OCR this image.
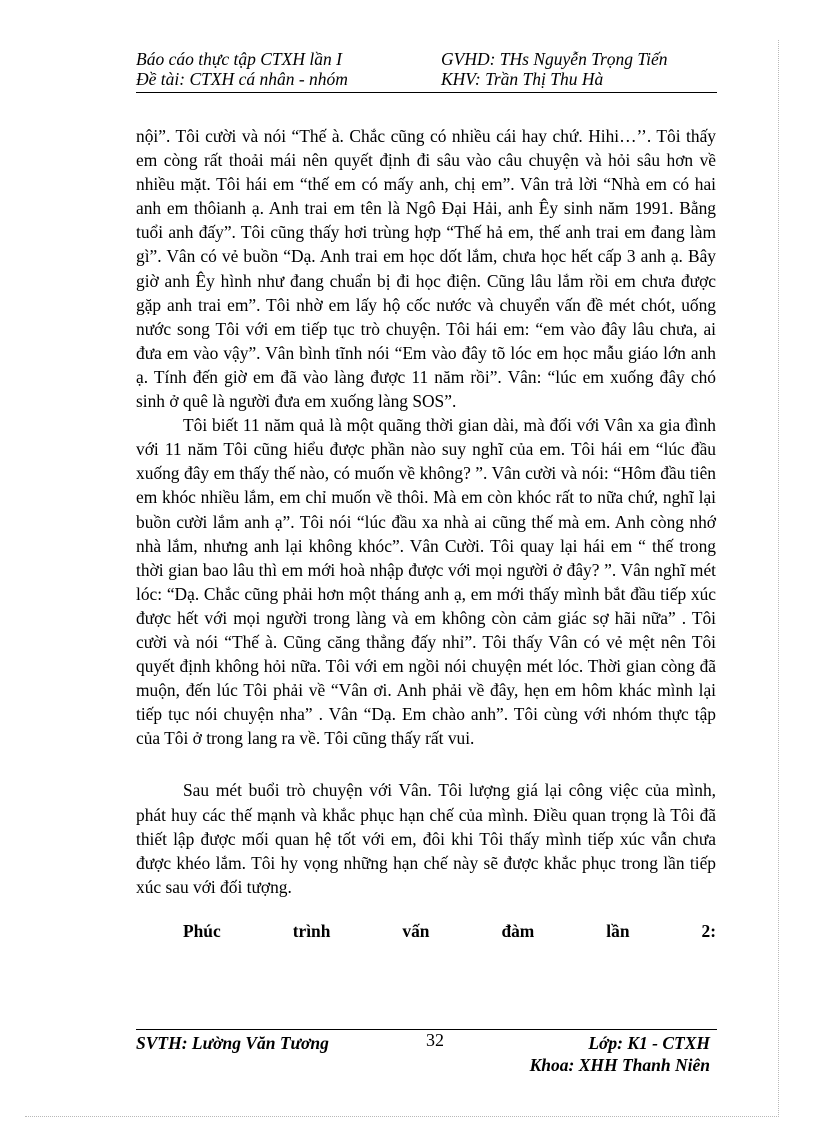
Báo cáo thực tập CTXH lần I	GVHD: THs Nguyễn Trọng Tiến
Đề tài: CTXH cá nhân - nhóm	KHV: Trần Thị Thu Hà

nội”. Tôi cười và nói “Thế à. Chắc cũng có nhiều cái hay chứ. Hihi…’’. Tôi thấy em còng rất thoải mái nên quyết định đi sâu vào câu chuyện và hỏi sâu hơn về nhiều mặt. Tôi hái em “thế em có mấy anh, chị em”. Vân trả lời “Nhà em có hai anh em thôianh ạ. Anh trai em tên là Ngô Đại Hải, anh Êy sinh năm 1991. Bằng tuổi anh đấy”. Tôi cũng thấy hơi trùng hợp “Thế hả em, thế anh trai em đang làm gì”. Vân có vẻ buồn “Dạ. Anh trai em học dốt lắm, chưa học hết cấp 3 anh ạ. Bây giờ anh Êy hình như đang chuẩn bị đi học điện. Cũng lâu lắm rồi em chưa được gặp anh trai em”. Tôi nhờ em lấy hộ cốc nước và chuyển vấn đề mét chót, uống nước song Tôi với em tiếp tục trò chuyện. Tôi hái em: “em vào đây lâu chưa, ai đưa em vào vậy”. Vân bình tĩnh nói “Em vào đây tõ lóc em học mẫu giáo lớn anh ạ. Tính đến giờ em đã vào làng được 11 năm rồi”. Vân: “lúc em xuống đây chó sinh ở quê là người đưa em xuống làng SOS”.

Tôi biết 11 năm quả là một quãng thời gian dài, mà đối với Vân xa gia đình với 11 năm Tôi cũng hiểu được phần nào suy nghĩ của em. Tôi hái em “lúc đầu xuống đây em thấy thế nào, có muốn về không? ”. Vân cười và nói: “Hôm đầu tiên em khóc nhiều lắm, em chỉ muốn về thôi. Mà em còn khóc rất to nữa chứ, nghĩ lại buồn cười lắm anh ạ”. Tôi nói “lúc đầu xa nhà ai cũng thế mà em. Anh còng nhớ nhà lắm, nhưng anh lại không khóc”. Vân Cười. Tôi quay lại hái em “ thế trong thời gian bao lâu thì em mới hoà nhập được với mọi người ở đây? ”. Vân nghĩ mét lóc: “Dạ. Chắc cũng phải hơn một tháng anh ạ, em mới thấy mình bắt đầu tiếp xúc được hết với mọi người trong làng và em không còn cảm giác sợ hãi nữa” . Tôi cười và nói “Thế à. Cũng căng thẳng đấy nhỉ”. Tôi thấy Vân có vẻ mệt nên Tôi quyết định không hỏi nữa. Tôi với em ngồi nói chuyện mét lóc. Thời gian còng đã muộn, đến lúc Tôi phải về “Vân ơi. Anh phải về đây, hẹn em hôm khác mình lại tiếp tục nói chuyện nha” . Vân “Dạ. Em chào anh”. Tôi cùng với nhóm thực tập của Tôi ở trong lang ra về. Tôi cũng thấy rất vui.

Sau mét buổi trò chuyện với Vân. Tôi lượng giá lại công việc của mình, phát huy các thế mạnh và khắc phục hạn chế của mình. Điều quan trọng là Tôi đã thiết lập được mối quan hệ tốt với em, đôi khi Tôi thấy mình tiếp xúc vẫn chưa được khéo lắm. Tôi hy vọng những hạn chế này sẽ được khắc phục trong lần tiếp xúc sau với đối tượng.

Phúc	trình	vấn	đàm	lần	2:
SVTH: Lường Văn Tương	32	Lớp: K1 - CTXH
Khoa: XHH Thanh Niên
